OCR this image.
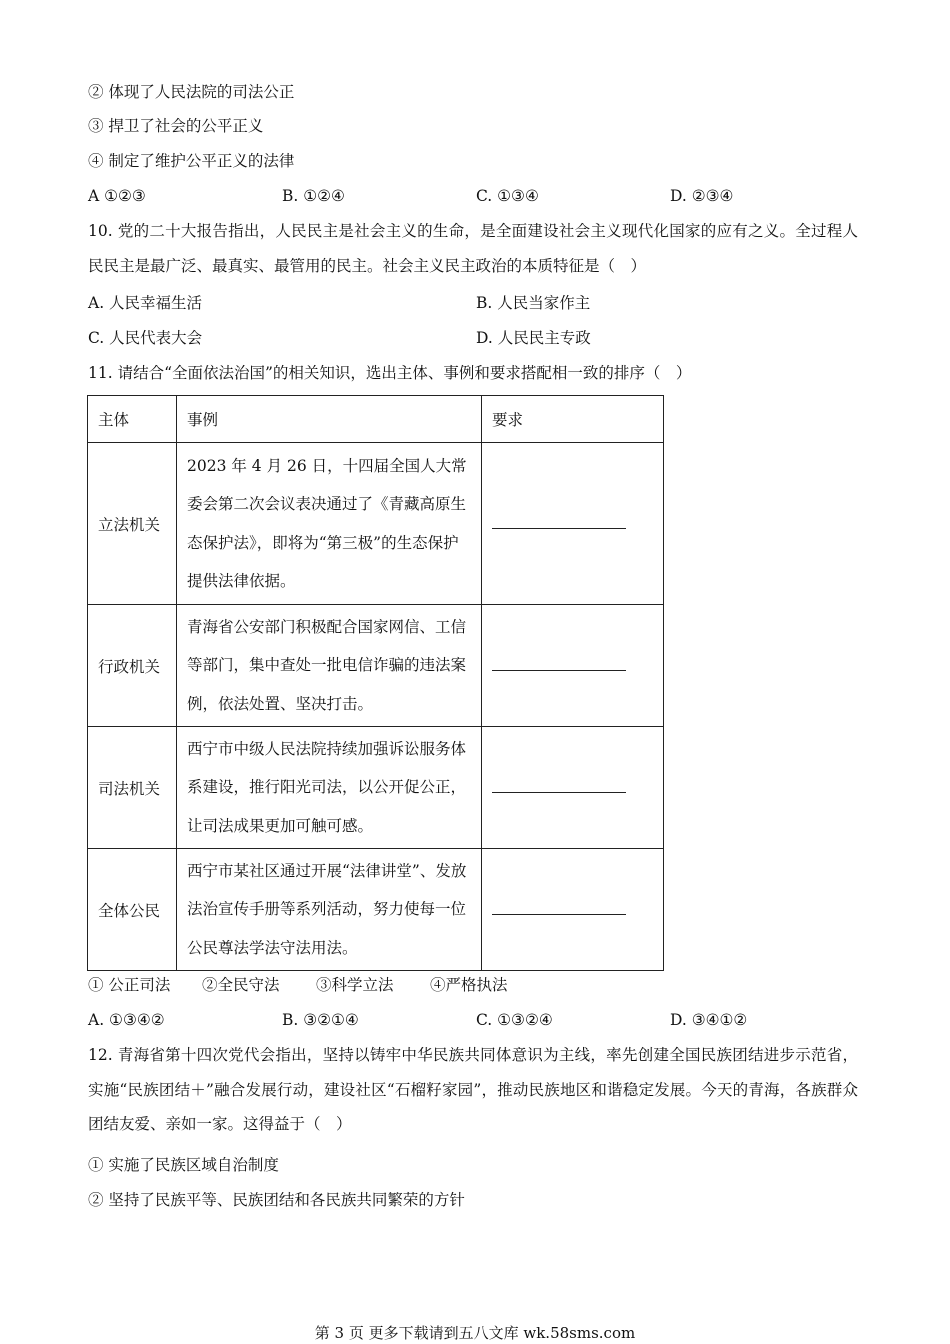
② 体现了人民法院的司法公正
③ 捍卫了社会的公平正义
④ 制定了维护公平正义的法律
A ①②③	B. ①②④	C. ①③④	D. ②③④
10. 党的二十大报告指出，人民民主是社会主义的生命，是全面建设社会主义现代化国家的应有之义。全过程人民民主是最广泛、最真实、最管用的民主。社会主义民主政治的本质特征是（　）
A. 人民幸福生活	B. 人民当家作主
C. 人民代表大会	D. 人民民主专政
11. 请结合“全面依法治国”的相关知识，选出主体、事例和要求搭配相一致的排序（　）
主体	事例	要求
立法机关	2023 年 4 月 26 日，十四届全国人大常委会第二次会议表决通过了《青藏高原生态保护法》，即将为“第三极”的生态保护提供法律依据。	
行政机关	青海省公安部门积极配合国家网信、工信等部门，集中查处一批电信诈骗的违法案例，依法处置、坚决打击。	
司法机关	西宁市中级人民法院持续加强诉讼服务体系建设，推行阳光司法，以公开促公正，让司法成果更加可触可感。	
全体公民	西宁市某社区通过开展“法律讲堂”、发放法治宣传手册等系列活动，努力使每一位公民尊法学法守法用法。	
① 公正司法 ②全民守法 ③科学立法 ④严格执法
A. ①③④②	B. ③②①④	C. ①③②④	D. ③④①②
12. 青海省第十四次党代会指出，坚持以铸牢中华民族共同体意识为主线，率先创建全国民族团结进步示范省，实施“民族团结＋”融合发展行动，建设社区“石榴籽家园”，推动民族地区和谐稳定发展。今天的青海，各族群众团结友爱、亲如一家。这得益于（　）
① 实施了民族区域自治制度
② 坚持了民族平等、民族团结和各民族共同繁荣的方针
第 3 页 更多下载请到五八文库 wk.58sms.com
